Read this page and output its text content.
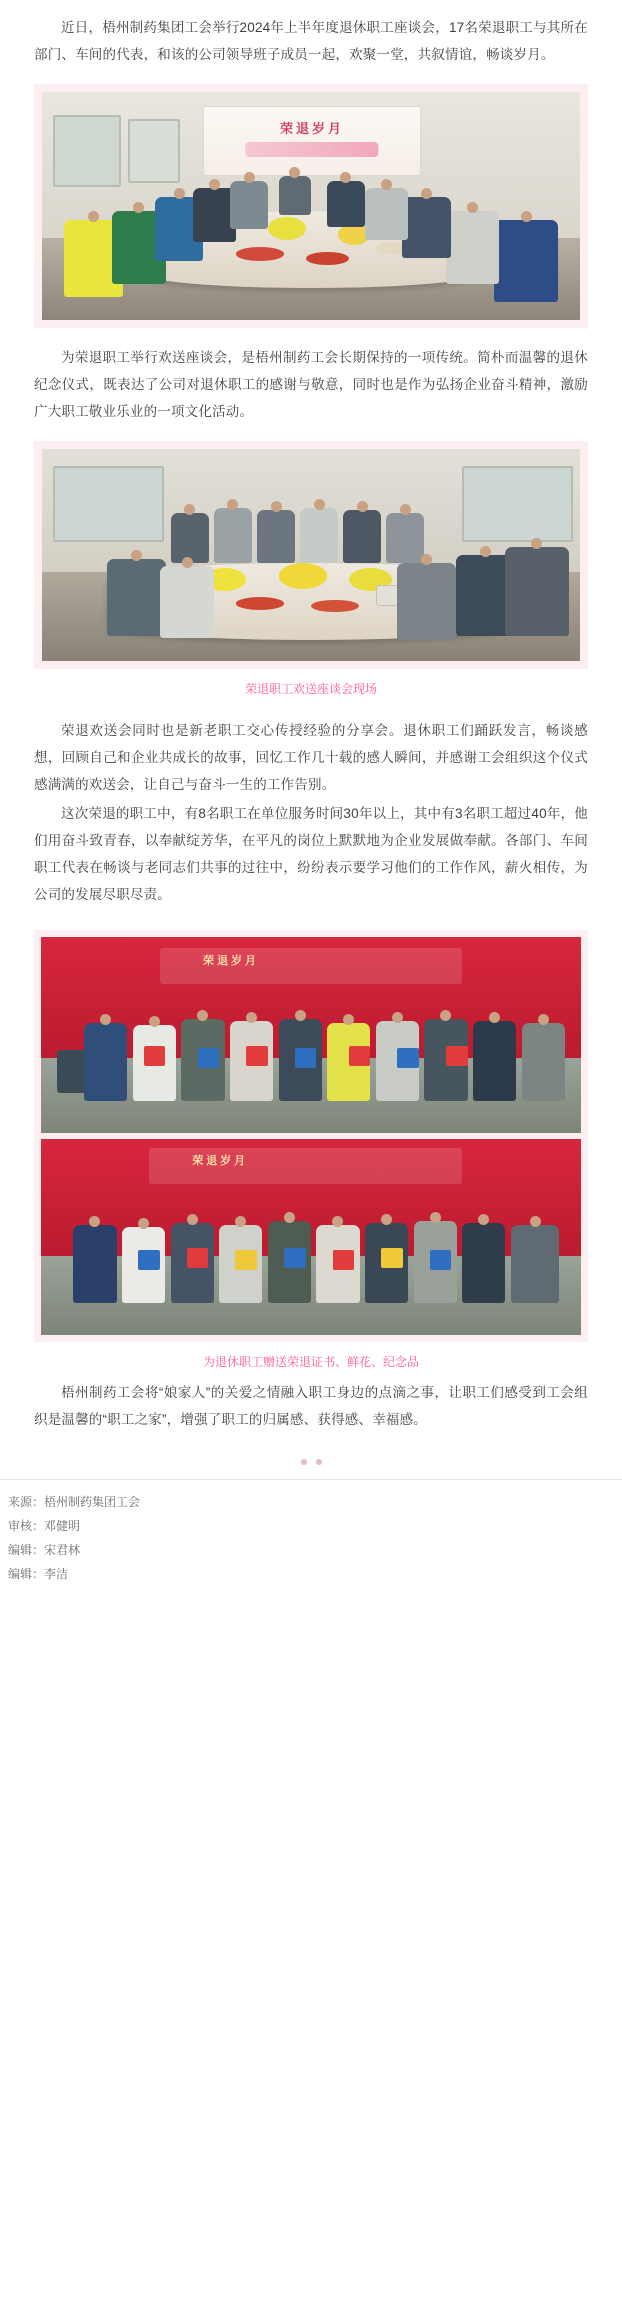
近日，梧州制药集团工会举行2024年上半年度退休职工座谈会，17名荣退职工与其所在部门、车间的代表，和该的公司领导班子成员一起，欢聚一堂，共叙情谊，畅谈岁月。

荣退岁月

为荣退职工举行欢送座谈会，是梧州制药工会长期保持的一项传统。简朴而温馨的退休纪念仪式，既表达了公司对退休职工的感谢与敬意，同时也是作为弘扬企业奋斗精神，激励广大职工敬业乐业的一项文化活动。

荣退职工欢送座谈会现场

荣退欢送会同时也是新老职工交心传授经验的分享会。退休职工们踊跃发言，畅谈感想，回顾自己和企业共成长的故事，回忆工作几十载的感人瞬间，并感谢工会组织这个仪式感满满的欢送会，让自己与奋斗一生的工作告别。

这次荣退的职工中，有8名职工在单位服务时间30年以上，其中有3名职工超过40年，他们用奋斗致青春，以奉献绽芳华，在平凡的岗位上默默地为企业发展做奉献。各部门、车间职工代表在畅谈与老同志们共事的过往中，纷纷表示要学习他们的工作作风，薪火相传，为公司的发展尽职尽责。

荣退岁月
荣退岁月
为退休职工赠送荣退证书、鲜花、纪念品

梧州制药工会将“娘家人”的关爱之情融入职工身边的点滴之事，让职工们感受到工会组织是温馨的“职工之家”，增强了职工的归属感、获得感、幸福感。

来源：梧州制药集团工会
审核：邓健明
编辑：宋君林
编辑：李洁
